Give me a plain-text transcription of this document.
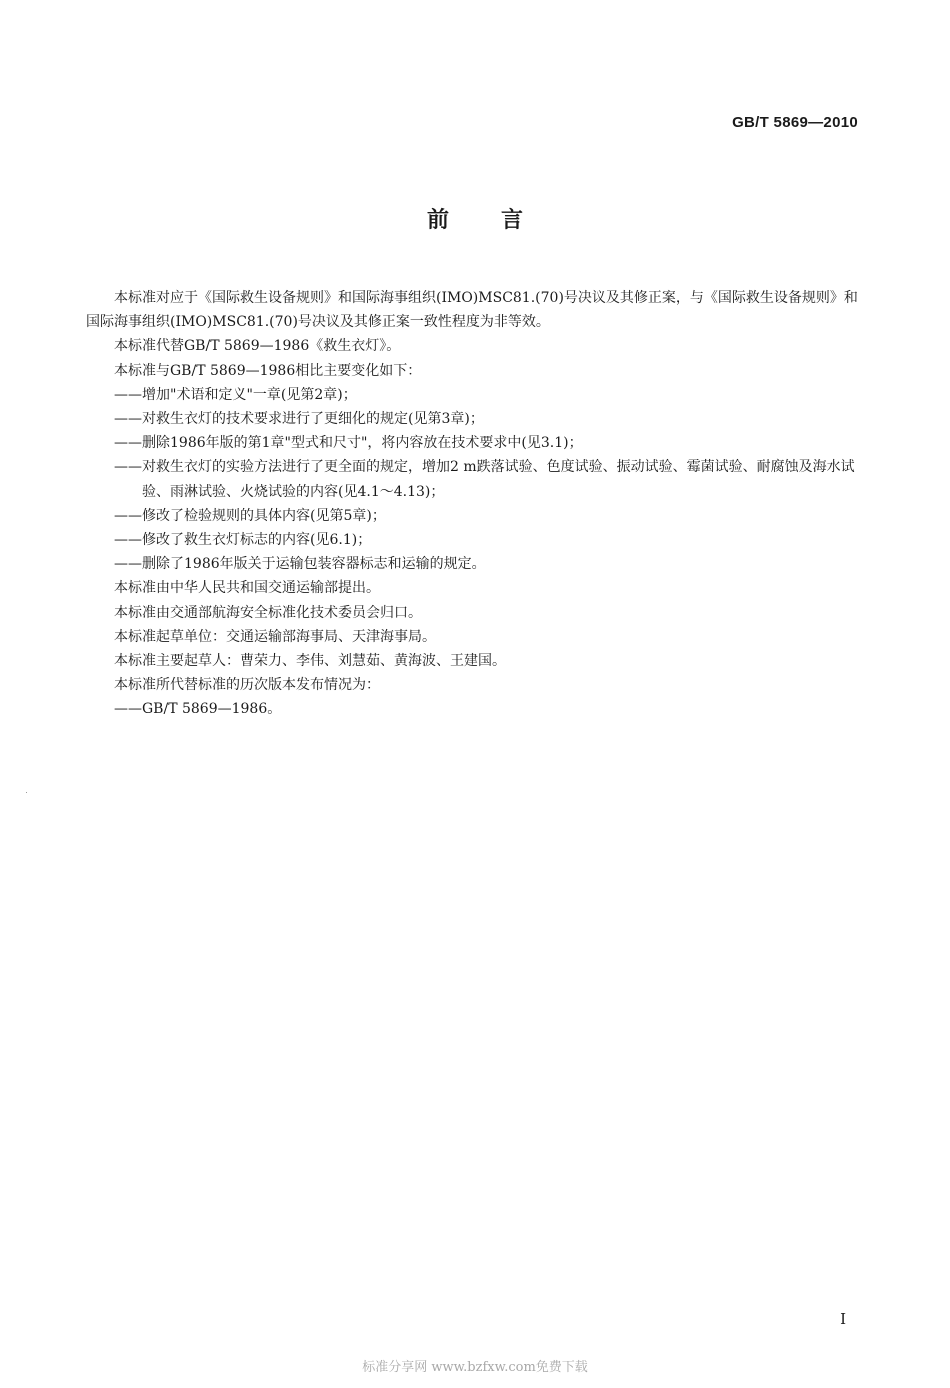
GB/T 5869—2010
前言

本标准对应于《国际救生设备规则》和国际海事组织(IMO)MSC81.(70)号决议及其修正案，与《国际救生设备规则》和国际海事组织(IMO)MSC81.(70)号决议及其修正案一致性程度为非等效。

本标准代替GB/T 5869—1986《救生衣灯》。

本标准与GB/T 5869—1986相比主要变化如下：

——增加"术语和定义"一章(见第2章)；

——对救生衣灯的技术要求进行了更细化的规定(见第3章)；

——删除1986年版的第1章"型式和尺寸"，将内容放在技术要求中(见3.1)；

——对救生衣灯的实验方法进行了更全面的规定，增加2 m跌落试验、色度试验、振动试验、霉菌试验、耐腐蚀及海水试验、雨淋试验、火烧试验的内容(见4.1～4.13)；

——修改了检验规则的具体内容(见第5章)；

——修改了救生衣灯标志的内容(见6.1)；

——删除了1986年版关于运输包装容器标志和运输的规定。

本标准由中华人民共和国交通运输部提出。

本标准由交通部航海安全标准化技术委员会归口。

本标准起草单位：交通运输部海事局、天津海事局。

本标准主要起草人：曹荣力、李伟、刘慧茹、黄海波、王建国。

本标准所代替标准的历次版本发布情况为：

——GB/T 5869—1986。

I
标准分享网 www.bzfxw.com免费下载
